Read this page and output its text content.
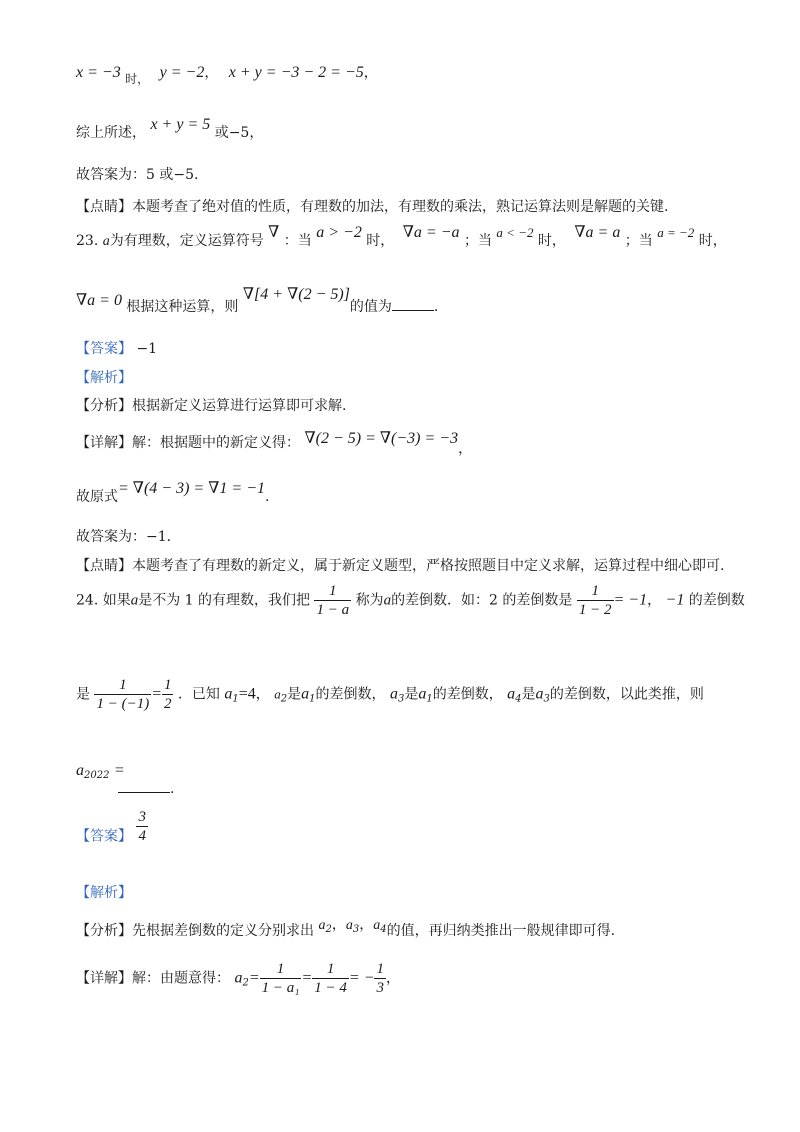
x = −3 时， y = −2， x + y = −3 − 2 = −5，
综上所述， x + y = 5 或−5，
故答案为：5 或−5.
【点睛】本题考查了绝对值的性质，有理数的加法，有理数的乘法，熟记运算法则是解题的关键.
23. a为有理数，定义运算符号 ∇ ：当 a > −2 时， ∇a = −a ；当 a < −2 时， ∇a = a ；当 a = −2 时，
∇a = 0 根据这种运算，则 ∇[4 + ∇(2 − 5)]的值为	.
【答案】 −1
【解析】
【分析】根据新定义运算进行运算即可求解.
【详解】解：根据题中的新定义得： ∇(2 − 5) = ∇(−3) = −3，
故原式= ∇(4 − 3) = ∇1 = −1.
故答案为：−1.
【点睛】本题考查了有理数的新定义，属于新定义题型，严格按照题目中定义求解，运算过程中细心即可.
24. 如果a是不为 1 的有理数，我们把 $\frac{1}{1 - a}$ 称为a的差倒数．如：2 的差倒数是 $\frac{1}{1 - 2} = -1$， −1 的差倒数
是 $\frac{1}{1 - (-1)} = \frac{1}{2}$ ．已知 $a_1=4$， $a_2$是$a_1$的差倒数， $a_3$是$a_1$的差倒数， $a_4$是$a_3$的差倒数，以此类推，则
$a_{2022}$ =
.
【答案】 $\frac{3}{4}$
【解析】
【分析】先根据差倒数的定义分别求出 $a_2$，$a_3$，$a_4$的值，再归纳类推出一般规律即可得.
【详解】解：由题意得： $a_2= \frac{1}{\text{1 − a₁}} = \frac{1}{1 - 4}$ = − $\frac{1}{3}$ ，
